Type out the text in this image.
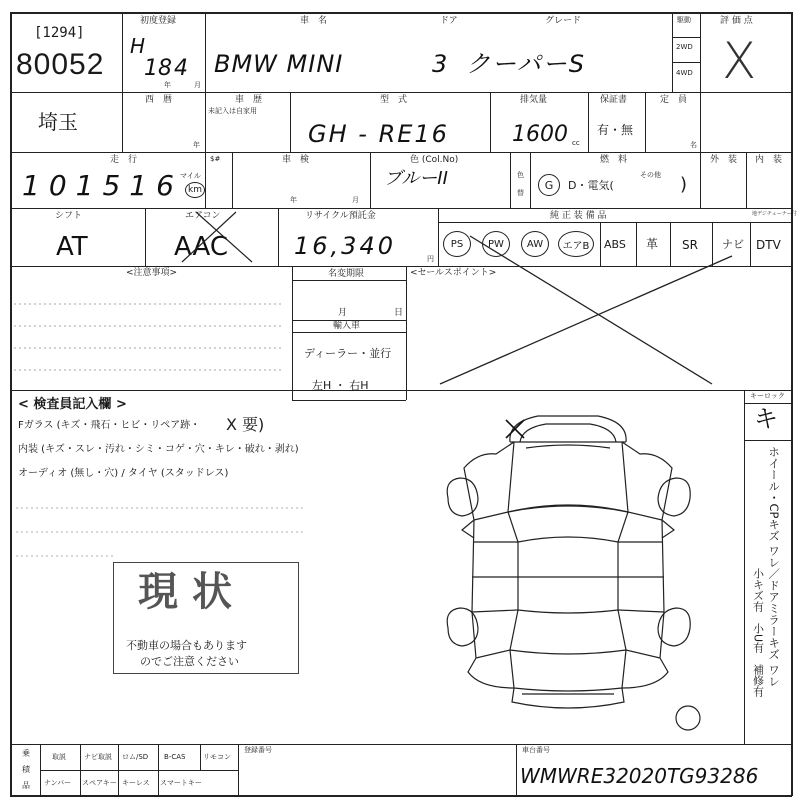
[1294]
80052
初度登録
H
18 4
年	月
車　名	ドア	グレード
BMW MINI	3 クーパーS
駆動
2WD
4WD
評 価 点
X
埼玉
西　暦
年
車　歴
未記入は自家用
型　式
GH - RE16
排気量
1600 cc
保証書
有・無
定　員
名
走　行
101516
マイル
km
$#	車　検
年	月
色 (Col.No)
ブルーII	色
替
燃　料
G	D・電気(
その他 )
外　装 内　装
シフト
AT
エアコン
AAC
リサイクル預託金
16,340	円
純 正 装 備 品	地デジチューナー付
PS	PW	AW	エアB	ABS 革 SR ナビ DTV
<注意事項>	名変期限
月	日
輸入車
ディーラー・並行
左H ・ 右H
<セールスポイント>
< 検査員記入欄 >
Fガラス (キズ・飛石・ヒビ・リペア跡・ X 要)
内装 (キズ・スレ・汚れ・シミ・コゲ・穴・キレ・破れ・剥れ)
オーディオ (無し・穴) / タイヤ (スタッドレス)
現状
不動車の場合もあります
のでご注意ください
キーロック
キ
ホイール・CPキズ ワレ／ドアミラーキズ ワレ
小キズ有　小U有　補修有
乗
積
品
取説	ナビ取説 ロム/SD B-CAS	リモコン
ナンバー スペアキー キーレス スマートキー
登録番号	車台番号
WMWRE32020TG93286
